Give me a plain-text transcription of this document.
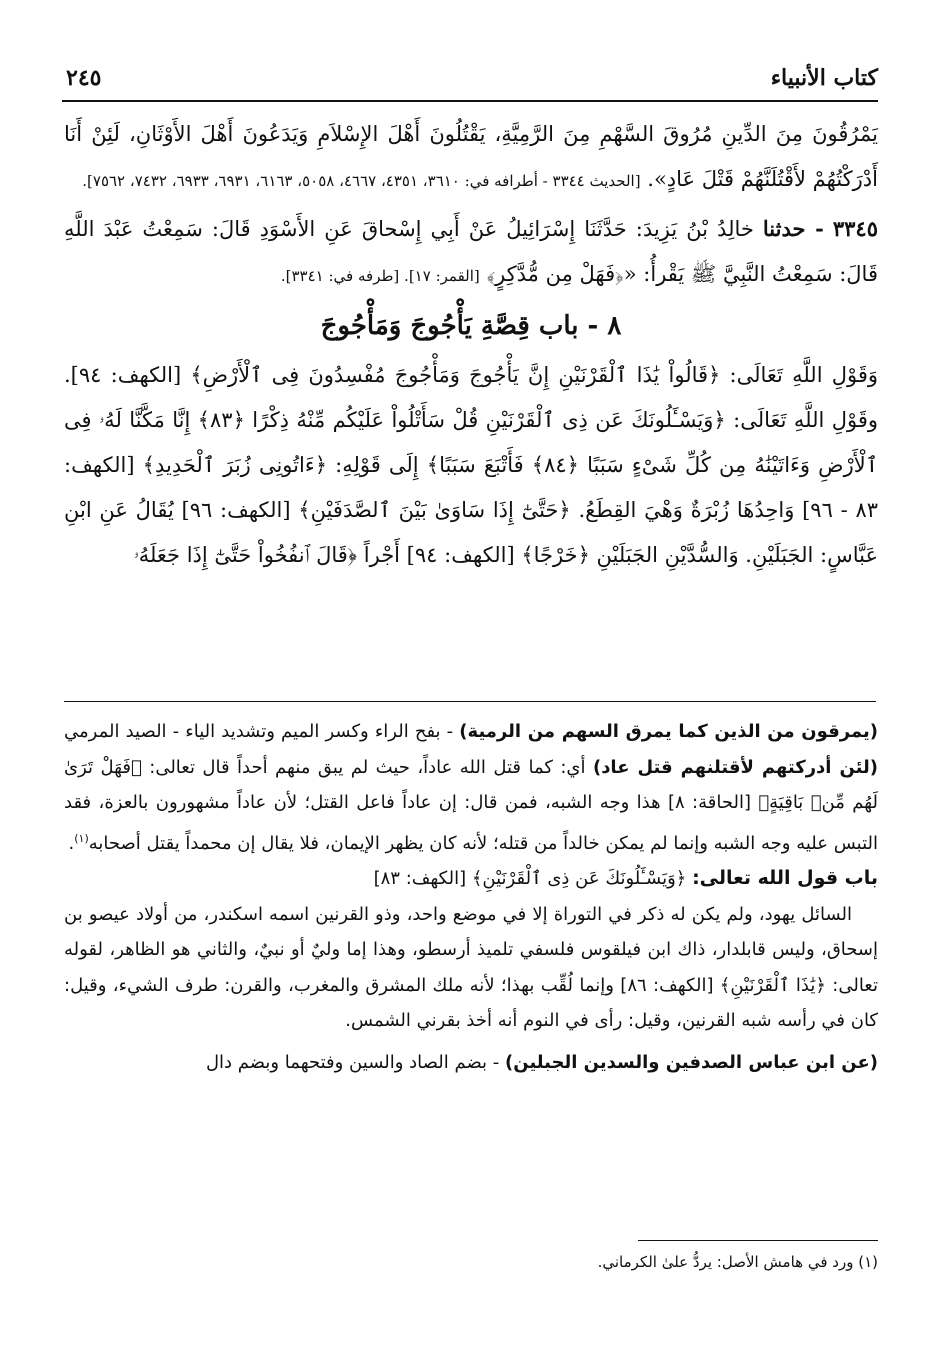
كتاب الأنبياء
٢٤٥

يَمْرُقُونَ مِنَ الدِّينِ مُرُوقَ السَّهْمِ مِنَ الرَّمِيَّةِ، يَقْتُلُونَ أَهْلَ الإِسْلاَمِ وَيَدَعُونَ أَهْلَ الأَوْثَانِ، لَئِنْ أَنَا أَدْرَكْتُهُمْ لأَقْتُلَنَّهُمْ قَتْلَ عَادٍ». [الحديث ٣٣٤٤ - أطرافه في: ٣٦١٠، ٤٣٥١، ٤٦٦٧، ٥٠٥٨، ٦١٦٣، ٦٩٣١، ٦٩٣٣، ٧٤٣٢، ٧٥٦٢].

٣٣٤٥ - حدثنا خالِدُ بْنُ يَزِيدَ: حَدَّثَنَا إِسْرَائِيلُ عَنْ أَبِي إِسْحاقَ عَنِ الأَسْوَدِ قَالَ: سَمِعْتُ عَبْدَ اللَّهِ قَالَ: سَمِعْتُ النَّبِيَّ ﷺ يَقْرأُ: «﴿فَهَلْ مِن مُّدَّكِرٍ﴾ [القمر: ١٧]. [طرفه في: ٣٣٤١].

٨ - باب قِصَّةِ يَأْجُوجَ وَمَأْجُوجَ

وَقَوْلِ اللَّهِ تَعَالَى: ﴿قَالُواْ يَٰذَا ٱلْقَرْنَيْنِ إِنَّ يَأْجُوجَ وَمَأْجُوجَ مُفْسِدُونَ فِى ٱلْأَرْضِ﴾ [الكهف: ٩٤]. وقَوْلِ اللَّهِ تَعَالَى: ﴿وَيَسْـَٔلُونَكَ عَن ذِى ٱلْقَرْنَيْنِ قُلْ سَأَتْلُواْ عَلَيْكُم مِّنْهُ ذِكْرًا ﴿٨٣﴾ إِنَّا مَكَّنَّا لَهُۥ فِى ٱلْأَرْضِ وَءَاتَيْنَٰهُ مِن كُلِّ شَىْءٍ سَبَبًا ﴿٨٤﴾ فَأَتْبَعَ سَبَبًا﴾ إِلَى قَوْلِهِ: ﴿ءَاتُونِى زُبَرَ ٱلْحَدِيدِ﴾ [الكهف: ٨٣ - ٩٦] وَاحِدُهَا زُبْرَةٌ وَهْيَ القِطَعُ. ﴿حَتَّىٰٓ إِذَا سَاوَىٰ بَيْنَ ٱلصَّدَفَيْنِ﴾ [الكهف: ٩٦] يُقَالُ عَنِ ابْنِ عَبَّاسٍ: الجَبَلَيْنِ. وَالسُّدَّيْنِ الجَبَلَيْنِ ﴿خَرْجًا﴾ [الكهف: ٩٤] أَجْراً ﴿قَالَ ٱنفُخُواْ حَتَّىٰٓ إِذَا جَعَلَهُۥ

(يمرقون من الذين كما يمرق السهم من الرمية) - بفح الراء وكسر الميم وتشديد الياء - الصيد المرمي (لئن أدركتهم لأقتلنهم قتل عاد) أي: كما قتل الله عاداً، حيث لم يبق منهم أحداً قال تعالى: ﴿فَهَلْ تَرَىٰ لَهُم مِّنۢ بَاقِيَةٍ﴾ [الحاقة: ٨] هذا وجه الشبه، فمن قال: إن عاداً فاعل القتل؛ لأن عاداً مشهورون بالعزة، فقد التبس عليه وجه الشبه وإنما لم يمكن خالداً من قتله؛ لأنه كان يظهر الإيمان، فلا يقال إن محمداً يقتل أصحابه$^{(١)}$.

باب قول الله تعالى: ﴿وَيَسْـَٔلُونَكَ عَن ذِى ٱلْقَرْنَيْنِ﴾ [الكهف: ٨٣]

السائل يهود، ولم يكن له ذكر في التوراة إلا في موضع واحد، وذو القرنين اسمه اسكندر، من أولاد عيصو بن إسحاق، وليس قابلدار، ذاك ابن فيلقوس فلسفي تلميذ أرسطو، وهذا إما وليٌ أو نبيٌ، والثاني هو الظاهر، لقوله تعالى: ﴿يَٰذَا ٱلْقَرْنَيْنِ﴾ [الكهف: ٨٦] وإنما لُقِّب بهذا؛ لأنه ملك المشرق والمغرب، والقرن: طرف الشيء، وقيل: كان في رأسه شبه القرنين، وقيل: رأى في النوم أنه أخذ بقرني الشمس.

(عن ابن عباس الصدفين والسدين الجبلين) - بضم الصاد والسين وفتحهما وبضم دال

(١) ورد في هامش الأصل: يردُّ علىٰ الكرماني.
